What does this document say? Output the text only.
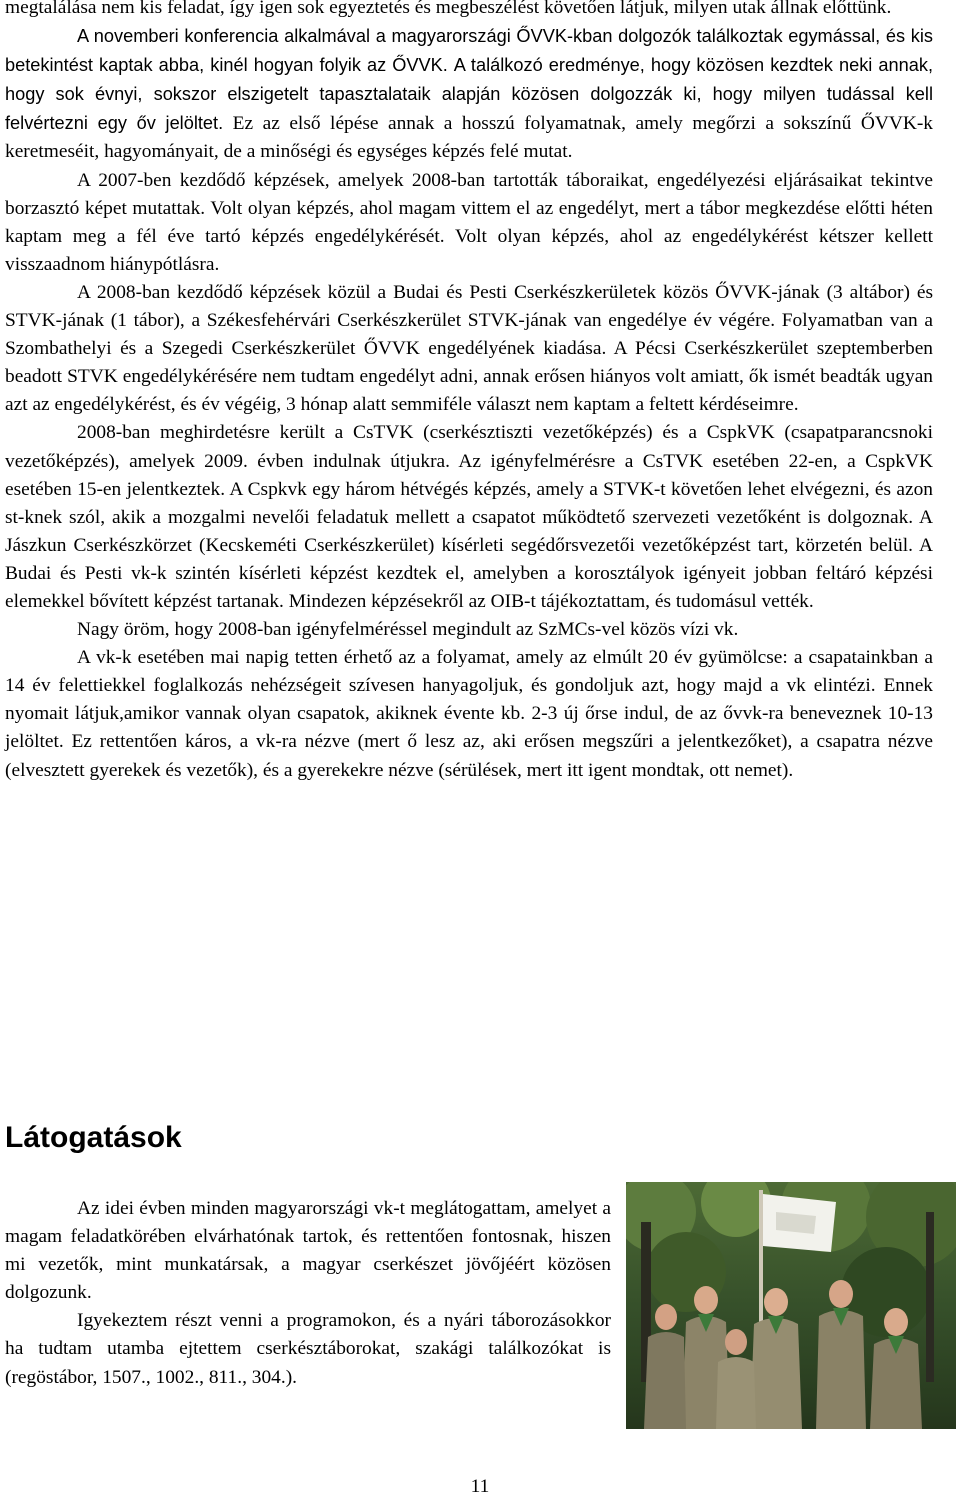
megtalálása nem kis feladat, így igen sok egyeztetés és megbeszélést követően látjuk, milyen utak állnak előttünk.

A novemberi konferencia alkalmával a magyarországi ŐVVK-kban dolgozók találkoztak egymással, és kis betekintést kaptak abba, kinél hogyan folyik az ŐVVK. A találkozó eredménye, hogy közösen kezdtek neki annak, hogy sok évnyi, sokszor elszigetelt tapasztalataik alapján közösen dolgozzák ki, hogy milyen tudással kell felvértezni egy őv jelöltet. Ez az első lépése annak a hosszú folyamatnak, amely megőrzi a sokszínű ŐVVK-k keretmeséit, hagyományait, de a minőségi és egységes képzés felé mutat.

A 2007-ben kezdődő képzések, amelyek 2008-ban tartották táboraikat, engedélyezési eljárásaikat tekintve borzasztó képet mutattak. Volt olyan képzés, ahol magam vittem el az engedélyt, mert a tábor megkezdése előtti héten kaptam meg a fél éve tartó képzés engedélykérését. Volt olyan képzés, ahol az engedélykérést kétszer kellett visszaadnom hiánypótlásra.

A 2008-ban kezdődő képzések közül a Budai és Pesti Cserkészkerületek közös ŐVVK-jának (3 altábor) és STVK-jának (1 tábor), a Székesfehérvári Cserkészkerület STVK-jának van engedélye év végére. Folyamatban van a Szombathelyi és a Szegedi Cserkészkerület ŐVVK engedélyének kiadása. A Pécsi Cserkészkerület szeptemberben beadott STVK engedélykérésére nem tudtam engedélyt adni, annak erősen hiányos volt amiatt, ők ismét beadták ugyan azt az engedélykérést, és év végéig, 3 hónap alatt semmiféle választ nem kaptam a feltett kérdéseimre.

2008-ban meghirdetésre került a CsTVK (cserkésztiszti vezetőképzés) és a CspkVK (csapatparancsnoki vezetőképzés), amelyek 2009. évben indulnak útjukra. Az igényfelmérésre a CsTVK esetében 22-en, a CspkVK esetében 15-en jelentkeztek. A Cspkvk egy három hétvégés képzés, amely a STVK-t követően lehet elvégezni, és azon st-knek szól, akik a mozgalmi nevelői feladatuk mellett a csapatot működtető szervezeti vezetőként is dolgoznak. A Jászkun Cserkészkörzet (Kecskeméti Cserkészkerület) kísérleti segédőrsvezetői vezetőképzést tart, körzetén belül. A Budai és Pesti vk-k szintén kísérleti képzést kezdtek el, amelyben a korosztályok igényeit jobban feltáró képzési elemekkel bővített képzést tartanak. Mindezen képzésekről az OIB-t tájékoztattam, és tudomásul vették.

Nagy öröm, hogy 2008-ban igényfelméréssel megindult az SzMCs-vel közös vízi vk.

A vk-k esetében mai napig tetten érhető az a folyamat, amely az elmúlt 20 év gyümölcse: a csapatainkban a 14 év felettiekkel foglalkozás nehézségeit szívesen hanyagoljuk, és gondoljuk azt, hogy majd a vk elintézi. Ennek nyomait látjuk,amikor vannak olyan csapatok, akiknek évente kb. 2-3 új őrse indul, de az ővvk-ra beneveznek 10-13 jelöltet. Ez rettentően káros, a vk-ra nézve (mert ő lesz az, aki erősen megszűri a jelentkezőket), a csapatra nézve (elvesztett gyerekek és vezetők), és a gyerekekre nézve (sérülések, mert itt igent mondtak, ott nemet).

Látogatások

Az idei évben minden magyarországi vk-t meglátogattam, amelyet a magam feladatkörében elvárhatónak tartok, és rettentően fontosnak, hiszen mi vezetők, mint munkatársak, a magyar cserkészet jövőjéért közösen dolgozunk.

Igyekeztem részt venni a programokon, és a nyári táborozásokkor ha tudtam utamba ejtettem cserkésztáborokat, szakági találkozókat is (regöstábor, 1507., 1002., 811., 304.).

11
